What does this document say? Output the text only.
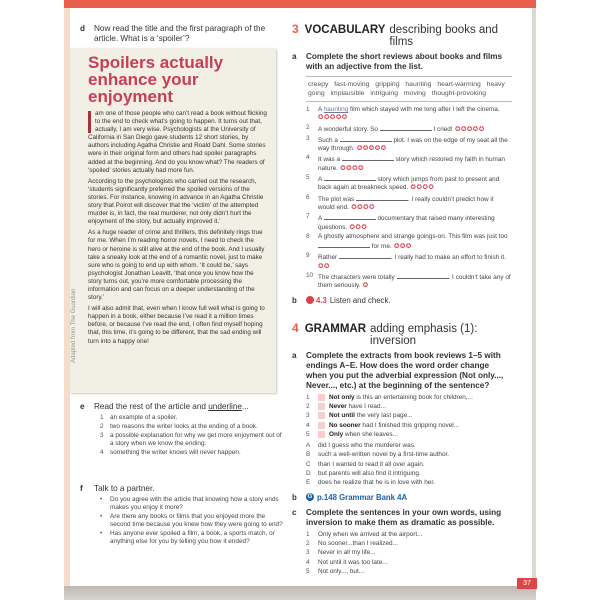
d	Now read the title and the first paragraph of the article. What is a ‘spoiler’?
Spoilers actually enhance your enjoyment

am one of those people who can’t read a book without flicking to the end to check what’s going to happen. It turns out that, actually, I am very wise. Psychologists at the University of California in San Diego gave students 12 short stories, by authors including Agatha Christie and Roald Dahl. Some stories were in their original form and others had spoiler paragraphs added at the beginning. And do you know what? The readers of ‘spoiled’ stories actually had more fun.

According to the psychologists who carried out the research, ‘students significantly preferred the spoiled versions of the stories. For instance, knowing in advance in an Agatha Christie story that Poirot will discover that the ‘victim’ of the attempted murder is, in fact, the real murderer, not only didn’t hurt the enjoyment of the story, but actually improved it.’

As a huge reader of crime and thrillers, this definitely rings true for me. When I’m reading horror novels, I need to check the hero or heroine is still alive at the end of the book. And I usually take a sneaky look at the end of a romantic novel, just to make sure who is going to end up with whom. ‘It could be,’ says psychologist Jonathan Leavitt, ‘that once you know how the story turns out, you’re more comfortable processing the information and can focus on a deeper understanding of the story.’

I will also admit that, even when I know full well what is going to happen in a book, either because I’ve read it a million times before, or because I’ve read the end, I often find myself hoping that, this time, it’s going to be different, that the sad ending will turn into a happy one!

Adapted from The Guardian
e	Read the rest of the article and underline...
1	an example of a spoiler.
2	two reasons the writer looks at the ending of a book.
3	a possible explanation for why we get more enjoyment out of a story when we know the ending.
4	something the writer knows will never happen.
f	Talk to a partner.
•	Do you agree with the article that knowing how a story ends makes you enjoy it more?
•	Are there any books or films that you enjoyed more the second time because you knew how they were going to end?
•	Has anyone ever spoiled a film, a book, a sports match, or anything else for you by telling you how it ended?
3 VOCABULARY describing books and films
a	Complete the short reviews about books and films with an adjective from the list.
creepy fast-moving gripping haunting heart-warming heavy going implausible intriguing moving thought-provoking
1	A haunting film which stayed with me long after I left the cinema. ✪✪✪✪✪
2	A wonderful story. So	I cried! ✪✪✪✪✪
3	Such a	plot. I was on the edge of my seat all the way through. ✪✪✪✪✪
4	It was a	story which restored my faith in human nature. ✪✪✪✪
5	A	story which jumps from past to present and back again at breakneck speed. ✪✪✪✪
6	The plot was	. I really couldn’t predict how it would end. ✪✪✪✪
7	A	documentary that raised many interesting questions. ✪✪✪
8	A ghostly atmosphere and strange goings-on. This film was just too  for me. ✪✪✪
9	Rather	. I really had to make an effort to finish it. ✪✪
10 The characters were totally	. I couldn’t take any of them seriously. ✪
b	4.3 Listen and check.
4 GRAMMAR adding emphasis (1): inversion
a	Complete the extracts from book reviews 1–5 with endings A–E. How does the word order change when you put the adverbial expression (Not only..., Never..., etc.) at the beginning of the sentence?
1	Not only is this an entertaining book for children,...
2	Never have I read...
3	Not until the very last page...
4	No sooner had I finished this gripping novel...
5	Only when she leaves...
A	did I guess who the murderer was.
B	such a well-written novel by a first-time author.
C	than I wanted to read it all over again.
D	but parents will also find it intriguing.
E	does he realize that he is in love with her.
b	G p.148 Grammar Bank 4A
c	Complete the sentences in your own words, using inversion to make them as dramatic as possible.
1	Only when we arrived at the airport...
2	No sooner...than I realized...
3	Never in all my life...
4	Not until it was too late...
5	Not only..., but...
37
